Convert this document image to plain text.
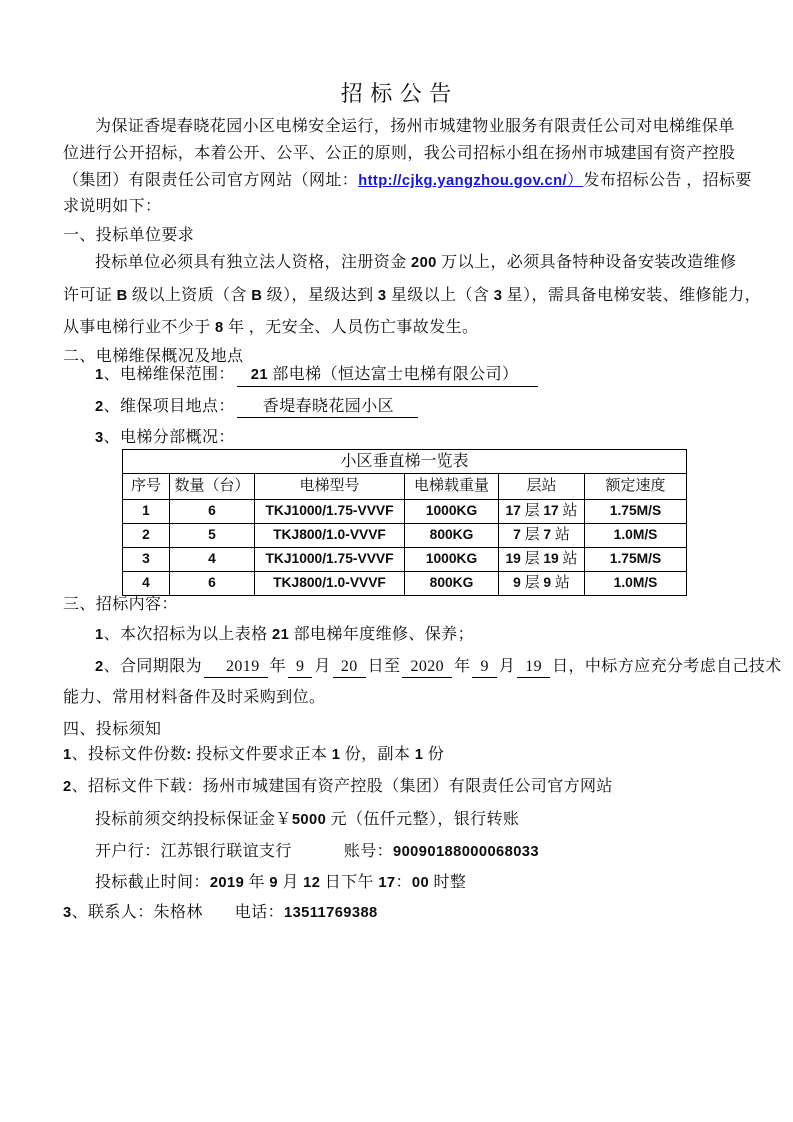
招 标 公 告
为保证香堤春晓花园小区电梯安全运行，扬州市城建物业服务有限责任公司对电梯维保单
位进行公开招标，本着公开、公平、公正的原则，我公司招标小组在扬州市城建国有资产控股
（集团）有限责任公司官方网站（网址：http://cjkg.yangzhou.gov.cn/）发布招标公告 ，招标要
求说明如下：
一、投标单位要求
投标单位必须具有独立法人资格，注册资金 200 万以上，必须具备特种设备安装改造维修
许可证 B 级以上资质（含 B 级），星级达到 3 星级以上（含 3 星），需具备电梯安装、维修能力，
从事电梯行业不少于 8 年 ，无安全、人员伤亡事故发生。
二、电梯维保概况及地点
1、电梯维保范围： 21 部电梯（恒达富士电梯有限公司）
2、维保项目地点： 香堤春晓花园小区
3、电梯分部概况：
小区垂直梯一览表					
序号	数量（台）	电梯型号	电梯载重量	层站	额定速度
1	6	TKJ1000/1.75-VVVF	1000KG	17 层 17 站	1.75M/S
2	5	TKJ800/1.0-VVVF	800KG	7 层 7 站	1.0M/S
3	4	TKJ1000/1.75-VVVF	1000KG	19 层 19 站	1.75M/S
4	6	TKJ800/1.0-VVVF	800KG	9 层 9 站	1.0M/S
三、招标内容：
1、本次招标为以上表格 21 部电梯年度维修、保养；
2、合同期限为 2019 年 9 月 20 日至 2020 年 9 月 19 日，中标方应充分考虑自己技术
能力、常用材料备件及时采购到位。
四、投标须知
1、投标文件份数: 投标文件要求正本 1 份，副本 1 份
2、招标文件下载：扬州市城建国有资产控股（集团）有限责任公司官方网站
投标前须交纳投标保证金￥5000 元（伍仟元整），银行转账
开户行：江苏银行联谊支行	账号：90090188000068033
投标截止时间：2019 年 9 月 12 日下午 17：00 时整
3、联系人：朱格林 电话：13511769388
